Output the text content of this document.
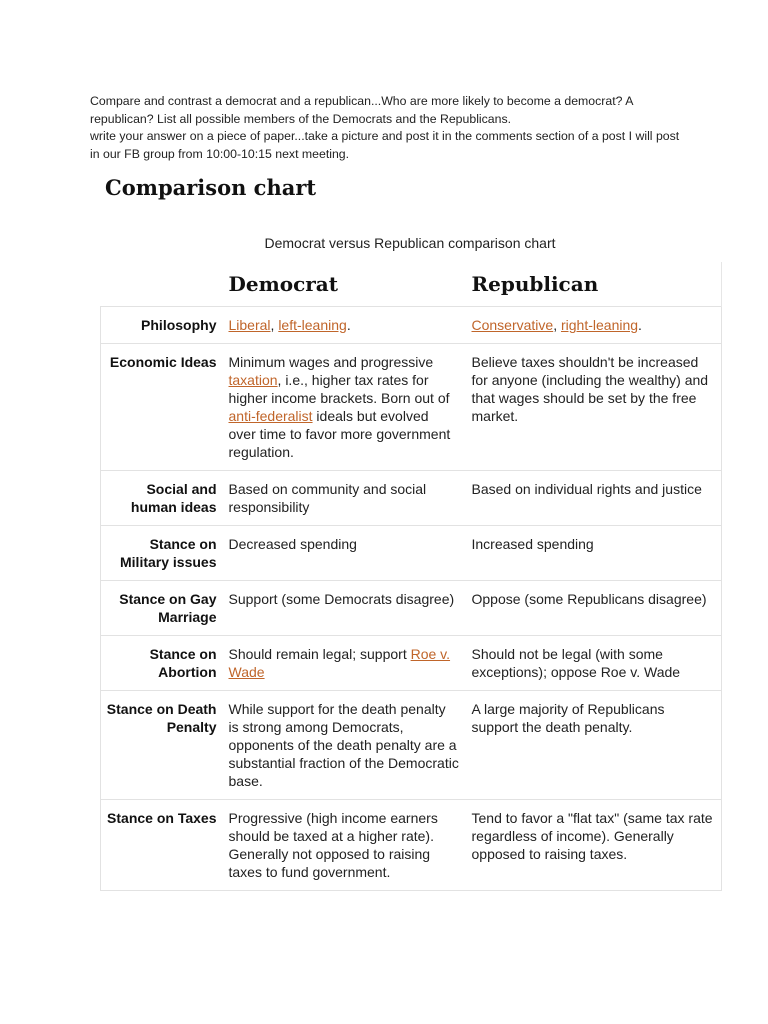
Compare and contrast a democrat and a republican...Who are more likely to become a democrat? A republican? List all possible members of the Democrats and the Republicans.

write your answer on a piece of paper...take a picture and post it in the comments section of a post I will post in our FB group from 10:00-10:15 next meeting.

Comparison chart
Democrat versus Republican comparison chart
	Democrat	Republican
Philosophy	Liberal, left-leaning.	Conservative, right-leaning.
Economic Ideas	Minimum wages and progressive taxation, i.e., higher tax rates for higher income brackets. Born out of anti-federalist ideals but evolved over time to favor more government regulation.	Believe taxes shouldn't be increased for anyone (including the wealthy) and that wages should be set by the free market.
Social and human ideas	Based on community and social responsibility	Based on individual rights and justice
Stance on Military issues	Decreased spending	Increased spending
Stance on Gay Marriage	Support (some Democrats disagree)	Oppose (some Republicans disagree)
Stance on Abortion	Should remain legal; support Roe v. Wade	Should not be legal (with some exceptions); oppose Roe v. Wade
Stance on Death Penalty	While support for the death penalty is strong among Democrats, opponents of the death penalty are a substantial fraction of the Democratic base.	A large majority of Republicans support the death penalty.
Stance on Taxes	Progressive (high income earners should be taxed at a higher rate). Generally not opposed to raising taxes to fund government.	Tend to favor a "flat tax" (same tax rate regardless of income). Generally opposed to raising taxes.
